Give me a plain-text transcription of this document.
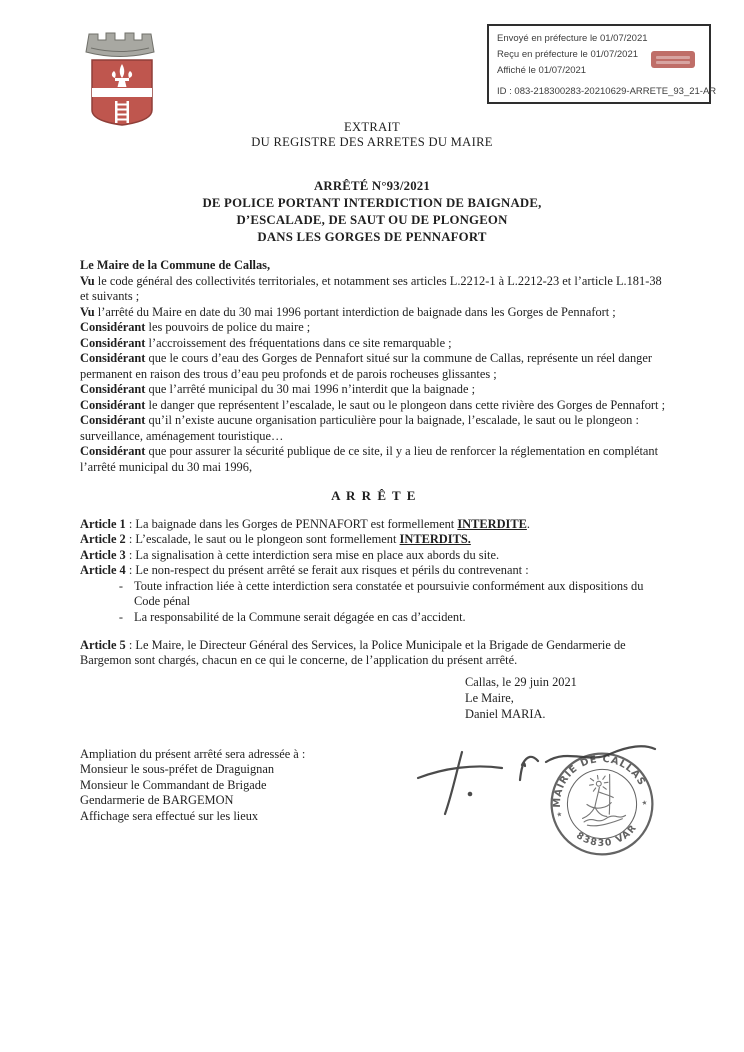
Envoyé en préfecture le 01/07/2021
Reçu en préfecture le 01/07/2021
Affiché le 01/07/2021
ID : 083-218300283-20210629-ARRETE_93_21-AR
EXTRAIT
DU REGISTRE DES ARRETES DU MAIRE
ARRÊTÉ N°93/2021
DE POLICE PORTANT INTERDICTION DE BAIGNADE,
D’ESCALADE, DE SAUT OU DE PLONGEON
DANS LES GORGES DE PENNAFORT

Le Maire de la Commune de Callas,

Vu le code général des collectivités territoriales, et notamment ses articles L.2212-1 à L.2212-23 et l’article L.181-38 et suivants ;

Vu l’arrêté du Maire en date du 30 mai 1996 portant interdiction de baignade dans les Gorges de Pennafort ;

Considérant les pouvoirs de police du maire ;

Considérant l’accroissement des fréquentations dans ce site remarquable ;

Considérant que le cours d’eau des Gorges de Pennafort situé sur la commune de Callas, représente un réel danger permanent en raison des trous d’eau peu profonds et de parois rocheuses glissantes ;

Considérant que l’arrêté municipal du 30 mai 1996 n’interdit que la baignade ;

Considérant le danger que représentent l’escalade, le saut ou le plongeon dans cette rivière des Gorges de Pennafort ;

Considérant qu’il n’existe aucune organisation particulière pour la baignade, l’escalade, le saut ou le plongeon : surveillance, aménagement touristique…

Considérant que pour assurer la sécurité publique de ce site, il y a lieu de renforcer la réglementation en complétant l’arrêté municipal du 30 mai 1996,

A R R Ê T E

Article 1 : La baignade dans les Gorges de PENNAFORT est formellement INTERDITE.

Article 2 : L’escalade, le saut ou le plongeon sont formellement INTERDITS.

Article 3 : La signalisation à cette interdiction sera mise en place aux abords du site.

Article 4 : Le non-respect du présent arrêté se ferait aux risques et périls du contrevenant :

- Toute infraction liée à cette interdiction sera constatée et poursuivie conformément aux dispositions du Code pénal
- La responsabilité de la Commune serait dégagée en cas d’accident.

Article 5 : Le Maire, le Directeur Général des Services, la Police Municipale et la Brigade de Gendarmerie de Bargemon sont chargés, chacun en ce qui le concerne, de l’application du présent arrêté.

Callas, le 29 juin 2021
Le Maire,
Daniel MARIA.
Ampliation du présent arrêté sera adressée à :
Monsieur le sous-préfet de Draguignan
Monsieur le Commandant de Brigade
Gendarmerie de BARGEMON
Affichage sera effectué sur les lieux
MAIRIE DE CALLAS
83830 VAR
★
★
